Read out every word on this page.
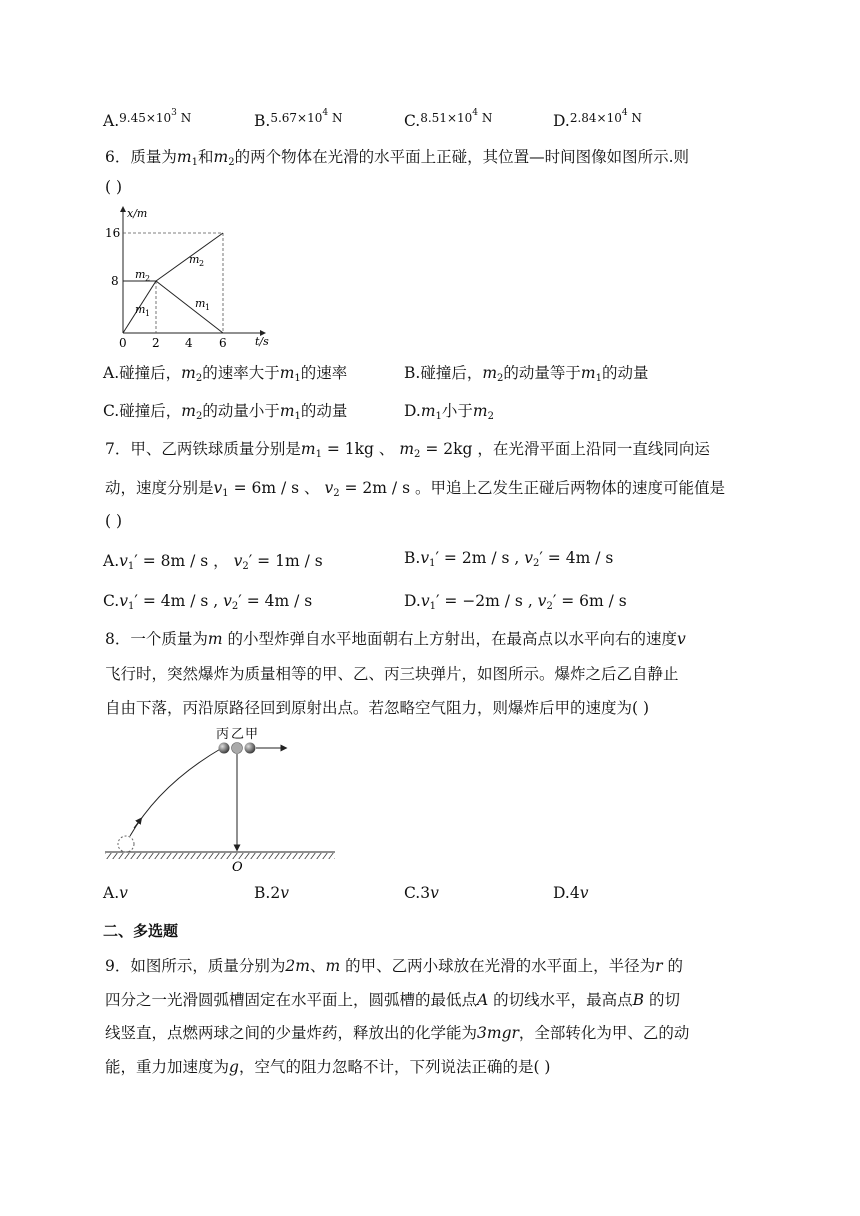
A.$^{9.45\times 10^3 N}$	B.$^{5.67\times 10^4 N}$	C.$^{8.51\times 10^4 N}$	D.$^{2.84\times 10^4 N}$
6．质量为$m_1$和$m_2$的两个物体在光滑的水平面上正碰，其位置—时间图像如图所示.则
( )
x/m
t/s
16
8
0 2 4 6
m 2
m 2
m 1
m 1
A.碰撞后，$m_2$的速率大于$m_1$的速率	B.碰撞后，$m_2$的动量等于$m_1$的动量
C.碰撞后，$m_2$的动量小于$m_1$的动量	$D.m_1$小于$m_2$
7．甲、乙两铁球质量分别是$m_1 = 1kg$ 、 $m_2 = 2kg$ ，在光滑平面上沿同一直线同向运
动，速度分别是$v_1 = 6m / s$ 、 $v_2 = 2m / s$ 。甲追上乙发生正碰后两物体的速度可能值是
( )
$A.v_1' = 8m / s$ ， $v_2' = 1m / s$	$B.v_1' = 2m / s$ , $v_2' = 4m / s$
$C.v_1' = 4m / s$ , $v_2' = 4m / s$	$D.v_1' = -2m / s$ , $v_2' = 6m / s$
8．一个质量为m 的小型炸弹自水平地面朝右上方射出，在最高点以水平向右的速度v
飞行时，突然爆炸为质量相等的甲、乙、丙三块弹片，如图所示。爆炸之后乙自静止
自由下落，丙沿原路径回到原射出点。若忽略空气阻力，则爆炸后甲的速度为( )
丙 乙 甲
O
A.v	B.2v	C.3v	D.4v
二、多选题
9．如图所示，质量分别为2m、m 的甲、乙两小球放在光滑的水平面上，半径为r 的
四分之一光滑圆弧槽固定在水平面上，圆弧槽的最低点A 的切线水平，最高点B 的切
线竖直，点燃两球之间的少量炸药，释放出的化学能为3mgr，全部转化为甲、乙的动
能，重力加速度为g，空气的阻力忽略不计，下列说法正确的是( )
